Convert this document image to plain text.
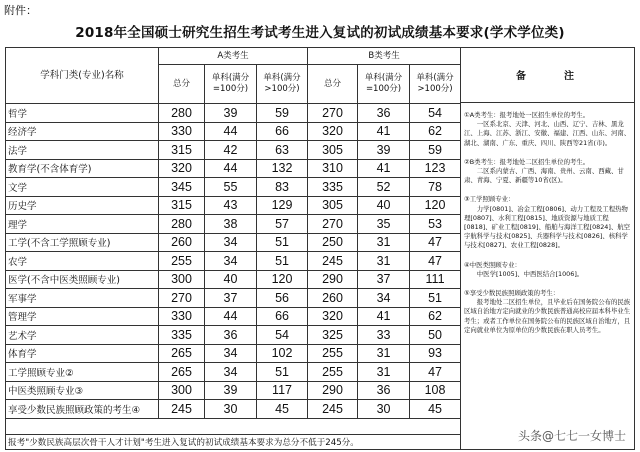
附件：
2018年全国硕士研究生招生考试考生进入复试的初试成绩基本要求(学术学位类)
学科门类(专业)名称	A类考生			B类考生		
	总分	单科(满分=100分)	单科(满分>100分)	总分	单科(满分=100分)	单科(满分>100分)
哲学	280	39	59	270	36	54
经济学	330	44	66	320	41	62
法学	315	42	63	305	39	59
教育学(不含体育学)	320	44	132	310	41	123
文学	345	55	83	335	52	78
历史学	315	43	129	305	40	120
理学	280	38	57	270	35	53
工学(不含工学照顾专业)	260	34	51	250	31	47
农学	255	34	51	245	31	47
医学(不含中医类照顾专业)	300	40	120	290	37	111
军事学	270	37	56	260	34	51
管理学	330	44	66	320	41	62
艺术学	335	36	54	325	33	50
体育学	265	34	102	255	31	93
工学照顾专业②	265	34	51	255	31	47
中医类照顾专业③	300	39	117	290	36	108
享受少数民族照顾政策的考生④	245	30	45	245	30	45
备　　注

①A类考生：报考地处一区招生单位的考生。

一区系北京、天津、河北、山西、辽宁、吉林、黑龙江、上海、江苏、浙江、安徽、福建、江西、山东、河南、湖北、湖南、广东、重庆、四川、陕西等21省(市)。

②B类考生：报考地处二区招生单位的考生。

二区系内蒙古、广西、海南、贵州、云南、西藏、甘肃、青海、宁夏、新疆等10省(区)。

③工学照顾专业：

力学[0801]、冶金工程[0806]、动力工程及工程热物理[0807]、水利工程[0815]、地质资源与地质工程[0818]、矿业工程[0819]、船舶与海洋工程[0824]、航空宇航科学与技术[0825]、兵器科学与技术[0826]、核科学与技术[0827]、农业工程[0828]。

④中医类照顾专业：

中医学[1005]、中西医结合[1006]。

⑤享受少数民族照顾政策的考生：

报考地处二区招生单位，且毕业后在国务院公布的民族区域自治地方定向就业的少数民族普通高校应届本科毕业生考生；或者工作单位在国务院公布的民族区域自治地方，且定向就业单位为原单位的少数民族在职人员考生。

报考"少数民族高层次骨干人才计划"考生进入复试的初试成绩基本要求为总分不低于245分。	头条@七七一女博士
